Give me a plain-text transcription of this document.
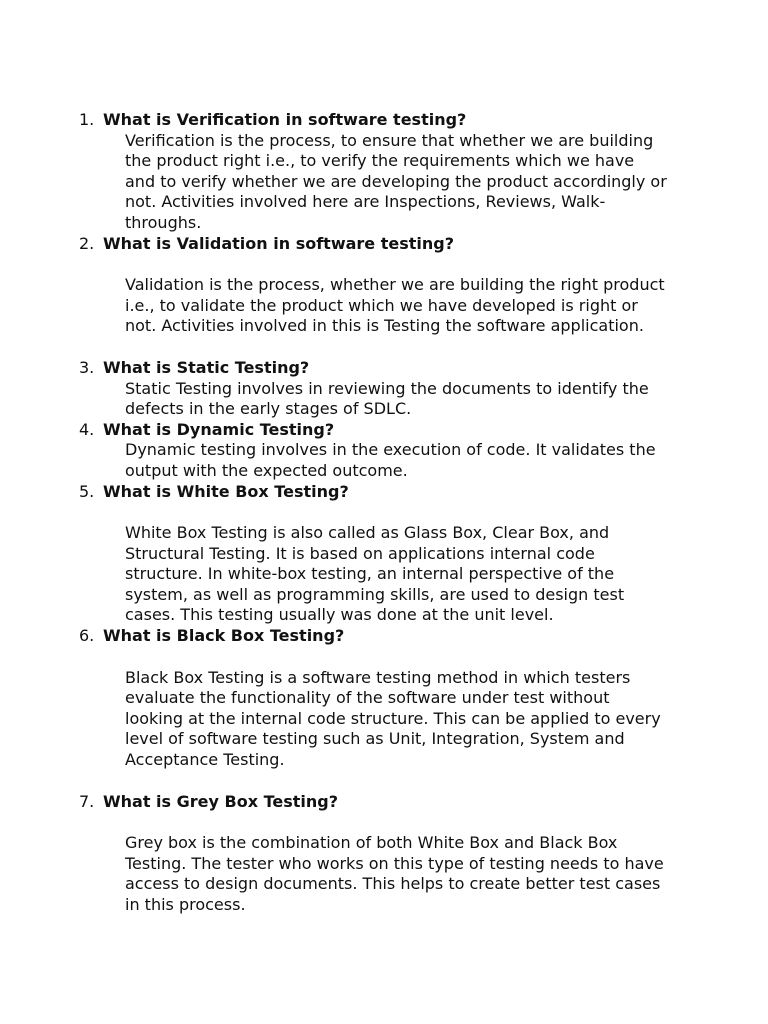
1. What is Verification in software testing?
Verification is the process, to ensure that whether we are building
the product right i.e., to verify the requirements which we have
and to verify whether we are developing the product accordingly or
not. Activities involved here are Inspections, Reviews, Walk-
throughs.
2. What is Validation in software testing?
Validation is the process, whether we are building the right product
i.e., to validate the product which we have developed is right or
not. Activities involved in this is Testing the software application.
3. What is Static Testing?
Static Testing involves in reviewing the documents to identify the
defects in the early stages of SDLC.
4. What is Dynamic Testing?
Dynamic testing involves in the execution of code. It validates the
output with the expected outcome.
5. What is White Box Testing?
White Box Testing is also called as Glass Box, Clear Box, and
Structural Testing. It is based on applications internal code
structure. In white-box testing, an internal perspective of the
system, as well as programming skills, are used to design test
cases. This testing usually was done at the unit level.
6. What is Black Box Testing?
Black Box Testing is a software testing method in which testers
evaluate the functionality of the software under test without
looking at the internal code structure. This can be applied to every
level of software testing such as Unit, Integration, System and
Acceptance Testing.
7. What is Grey Box Testing?
Grey box is the combination of both White Box and Black Box
Testing. The tester who works on this type of testing needs to have
access to design documents. This helps to create better test cases
in this process.
